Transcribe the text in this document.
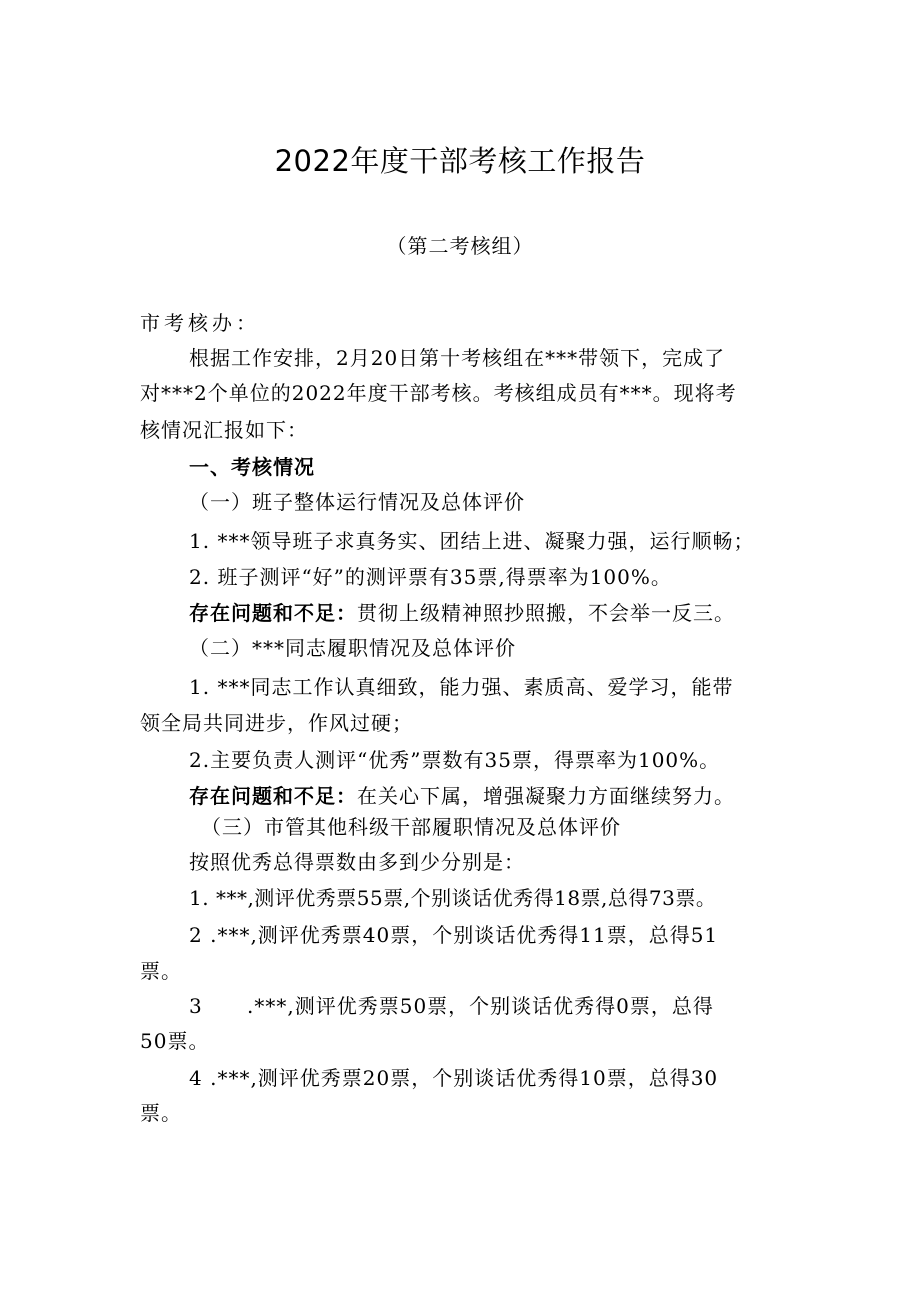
2022年度干部考核工作报告
（第二考核组）
市考核办：
根据工作安排，2月20日第十考核组在***带领下，完成了
对***2个单位的2022年度干部考核。考核组成员有***。现将考
核情况汇报如下：
一、考核情况
（一）班子整体运行情况及总体评价
1. ***领导班子求真务实、团结上进、凝聚力强，运行顺畅；
2. 班子测评“好”的测评票有35票,得票率为100%。
存在问题和不足：贯彻上级精神照抄照搬，不会举一反三。
（二）***同志履职情况及总体评价
1. ***同志工作认真细致，能力强、素质高、爱学习，能带
领全局共同进步，作风过硬；
2.主要负责人测评“优秀”票数有35票，得票率为100%。
存在问题和不足：在关心下属，增强凝聚力方面继续努力。
（三）市管其他科级干部履职情况及总体评价
按照优秀总得票数由多到少分别是：
1. ***,测评优秀票55票,个别谈话优秀得18票,总得73票。
2 .***,测评优秀票40票，个别谈话优秀得11票，总得51
票。
3 .***,测评优秀票50票，个别谈话优秀得0票，总得
50票。
4 .***,测评优秀票20票，个别谈话优秀得10票，总得30
票。
